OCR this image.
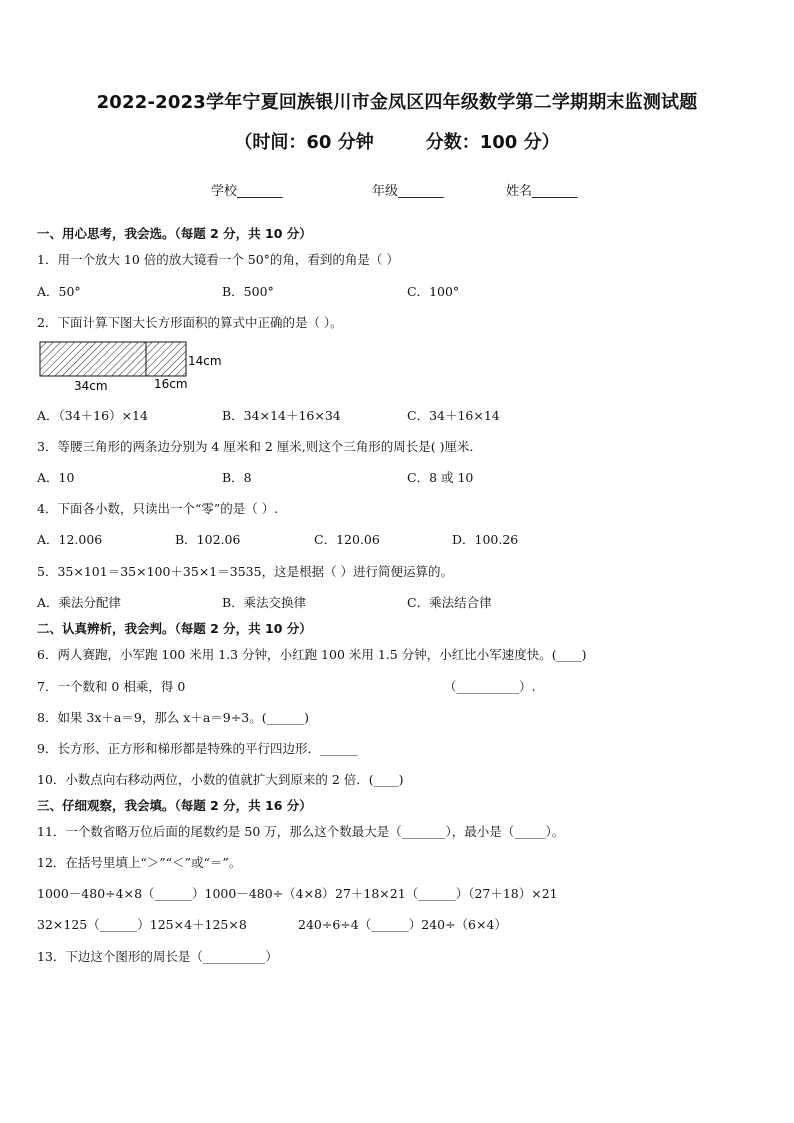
2022-2023学年宁夏回族银川市金凤区四年级数学第二学期期末监测试题
（时间：60 分钟	分数：100 分）
学校_______	年级_______	姓名_______
一、用心思考，我会选。（每题 2 分，共 10 分）
1．用一个放大 10 倍的放大镜看一个 50°的角，看到的角是（ ）
A．50°	B．500°	C．100°
2．下面计算下图大长方形面积的算式中正确的是（ ）。
14cm
34cm	16cm
A．（34＋16）×14	B．34×14＋16×34	C．34＋16×14
3．等腰三角形的两条边分别为 4 厘米和 2 厘米,则这个三角形的周长是( )厘米．
A．10	B．8	C．8 或 10
4．下面各小数，只读出一个“零”的是（ ）.
A．12.006	B．102.06	C．120.06	D．100.26
5．35×101＝35×100＋35×1＝3535，这是根据（ ）进行简便运算的。
A．乘法分配律	B．乘法交换律	C．乘法结合律
二、认真辨析，我会判。（每题 2 分，共 10 分）
6．两人赛跑，小军跑 100 米用 1.3 分钟，小红跑 100 米用 1.5 分钟，小红比小军速度快。(____)
7．一个数和 0 相乘，得 0	（__________）.
8．如果 3x＋a＝9，那么 x＋a＝9÷3。(______)
9．长方形、正方形和梯形都是特殊的平行四边形．______
10．小数点向右移动两位，小数的值就扩大到原来的 2 倍．(____)
三、仔细观察，我会填。（每题 2 分，共 16 分）
11．一个数省略万位后面的尾数约是 50 万，那么这个数最大是（_______），最小是（_____）。
12．在括号里填上“＞”“＜”或“＝”。
1000－480÷4×8（______）1000－480÷（4×8） 27＋18×21（______）（27＋18）×21
32×125（______）125×4＋125×8	240÷6÷4（______）240÷（6×4）
13．下边这个图形的周长是（__________）
